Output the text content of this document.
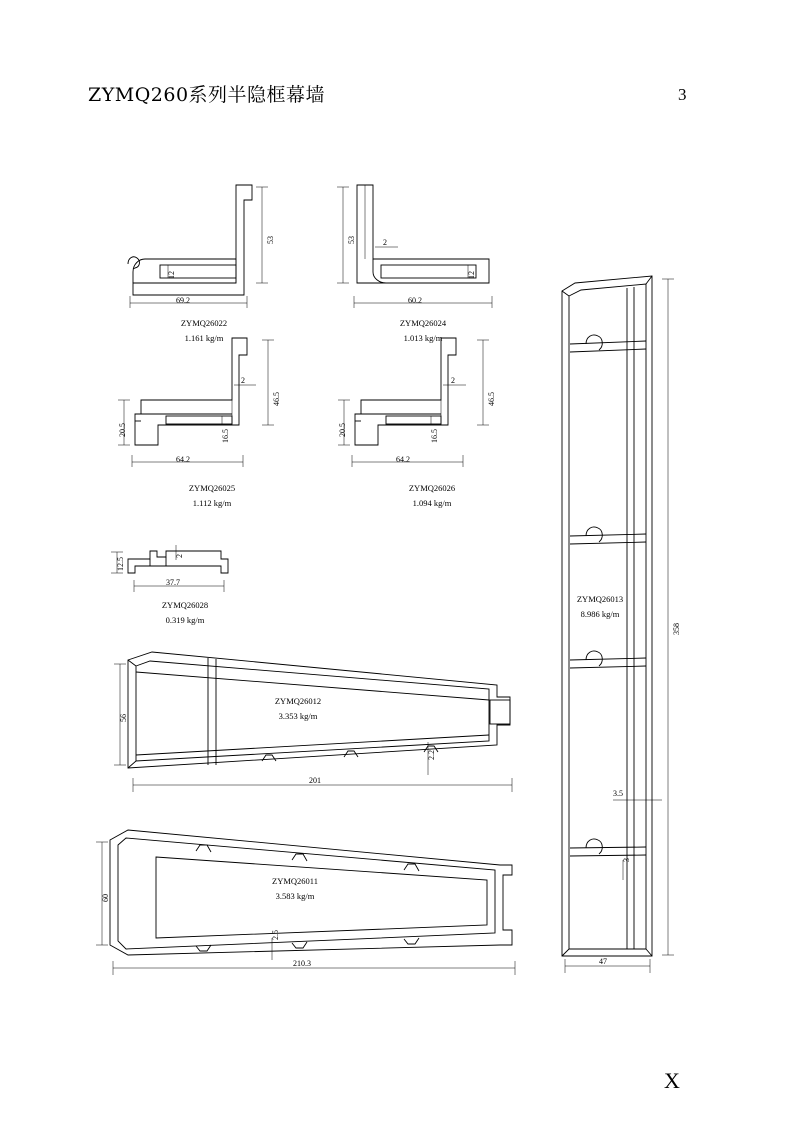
ZYMQ260系列半隐框幕墙	3
X
69.2
53
12
ZYMQ26022
1.161 kg/m
60.2
53	2
12
ZYMQ26024
1.013 kg/m
64.2
46.5
20.5
2
16.5
ZYMQ26025
1.112 kg/m
64.2
46.5
20.5
2
16.5
ZYMQ26026
1.094 kg/m
37.7
12.5
2
ZYMQ26028
0.319 kg/m
201
56
2.2
ZYMQ26012
3.353 kg/m
210.3
60
2.5
ZYMQ26011
3.583 kg/m
358
47
3.5
3
ZYMQ26013
8.986 kg/m
